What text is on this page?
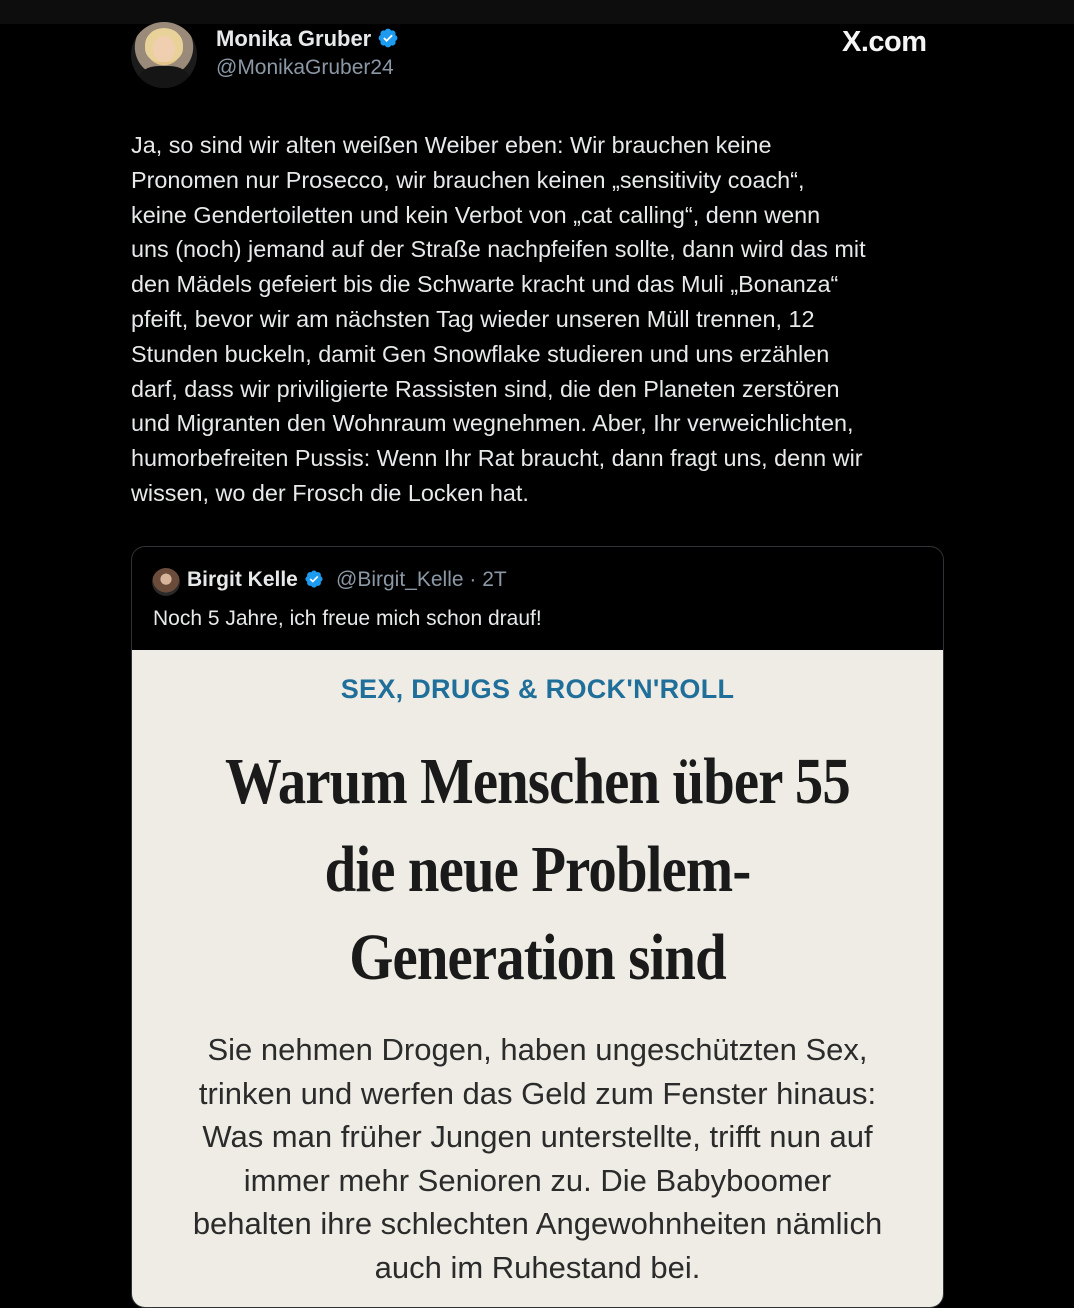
Monika Gruber
@MonikaGruber24
X.com

Ja, so sind wir alten weißen Weiber eben: Wir brauchen keine
Pronomen nur Prosecco, wir brauchen keinen „sensitivity coach“,
keine Gendertoiletten und kein Verbot von „cat calling“, denn wenn
uns (noch) jemand auf der Straße nachpfeifen sollte, dann wird das mit
den Mädels gefeiert bis die Schwarte kracht und das Muli „Bonanza“
pfeift, bevor wir am nächsten Tag wieder unseren Müll trennen, 12
Stunden buckeln, damit Gen Snowflake studieren und uns erzählen
darf, dass wir priviligierte Rassisten sind, die den Planeten zerstören
und Migranten den Wohnraum wegnehmen. Aber, Ihr verweichlichten,
humorbefreiten Pussis: Wenn Ihr Rat braucht, dann fragt uns, denn wir
wissen, wo der Frosch die Locken hat.

Birgit Kelle	@Birgit_Kelle · 2T
Noch 5 Jahre, ich freue mich schon drauf!
SEX, DRUGS & ROCK'N'ROLL
Warum Menschen über 55
die neue Problem-
Generation sind

Sie nehmen Drogen, haben ungeschützten Sex,
trinken und werfen das Geld zum Fenster hinaus:
Was man früher Jungen unterstellte, trifft nun auf
immer mehr Senioren zu. Die Babyboomer
behalten ihre schlechten Angewohnheiten nämlich
auch im Ruhestand bei.
